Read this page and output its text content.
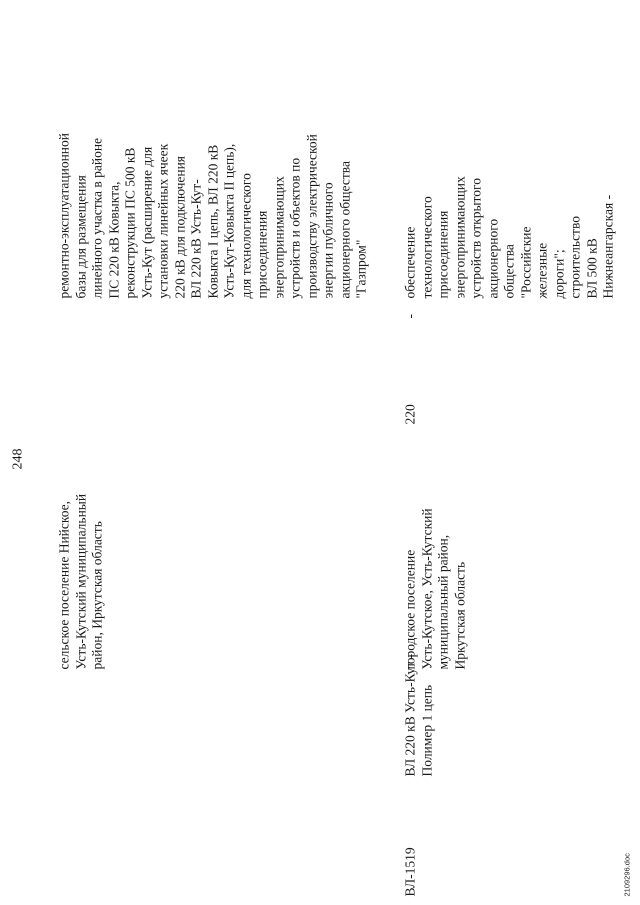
248
сельское поселение Нийское,
Усть-Кутский муниципальный
район, Иркутская область
ремонтно-эксплуатационной
базы для размещения
линейного участка в районе
ПС 220 кВ Ковыкта,
реконструкции ПС 500 кВ
Усть-Кут (расширение для
установки линейных ячеек
220 кВ для подключения
ВЛ 220 кВ Усть-Кут-
Ковыкта I цепь, ВЛ 220 кВ
Усть-Кут-Ковыкта II цепь),
для технологического
присоединения
энергопринимающих
устройств и объектов по
производству электрической
энергии публичного
акционерного общества
"Газпром"
ВЛ-1519
ВЛ 220 кВ Усть-Кут -
Полимер 1 цепь
городское поселение
Усть-Кутское, Усть-Кутский
муниципальный район,
Иркутская область
220
-
обеспечение
технологического
присоединения
энергопринимающих
устройств открытого
акционерного общества
"Российские железные
дороги"; строительство
ВЛ 500 кВ Нижнеангарская -
2109296.doc
